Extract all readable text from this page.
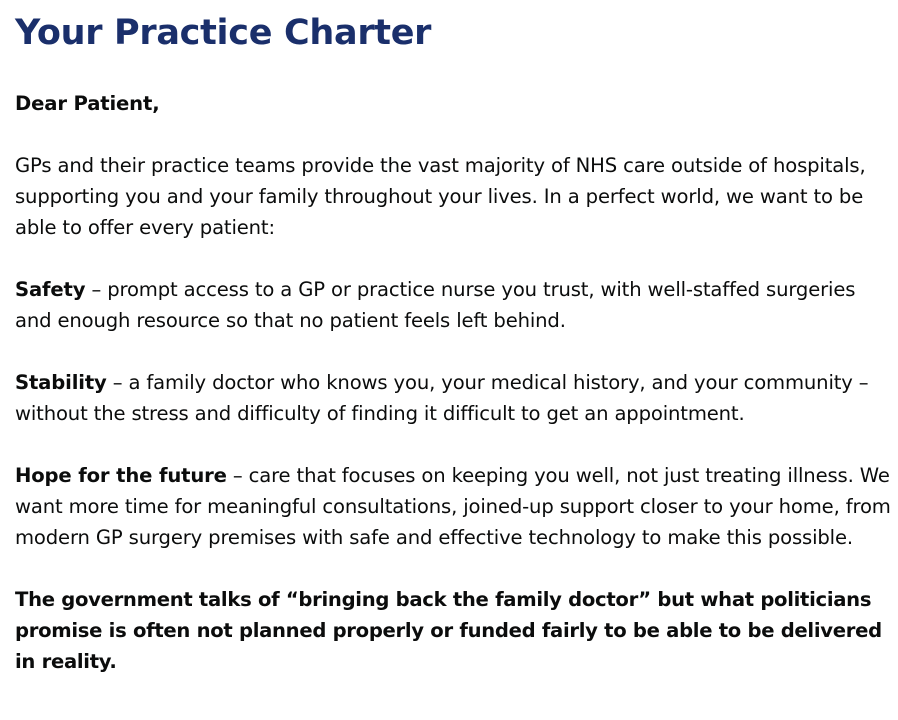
Your Practice Charter

Dear Patient,

GPs and their practice teams provide the vast majority of NHS care outside of hospitals, supporting you and your family throughout your lives. In a perfect world, we want to be able to offer every patient:

Safety – prompt access to a GP or practice nurse you trust, with well-staffed surgeries and enough resource so that no patient feels left behind.

Stability – a family doctor who knows you, your medical history, and your community – without the stress and difficulty of finding it difficult to get an appointment.

Hope for the future – care that focuses on keeping you well, not just treating illness. We want more time for meaningful consultations, joined-up support closer to your home, from modern GP surgery premises with safe and effective technology to make this possible.

The government talks of “bringing back the family doctor” but what politicians promise is often not planned properly or funded fairly to be able to be delivered in reality.
